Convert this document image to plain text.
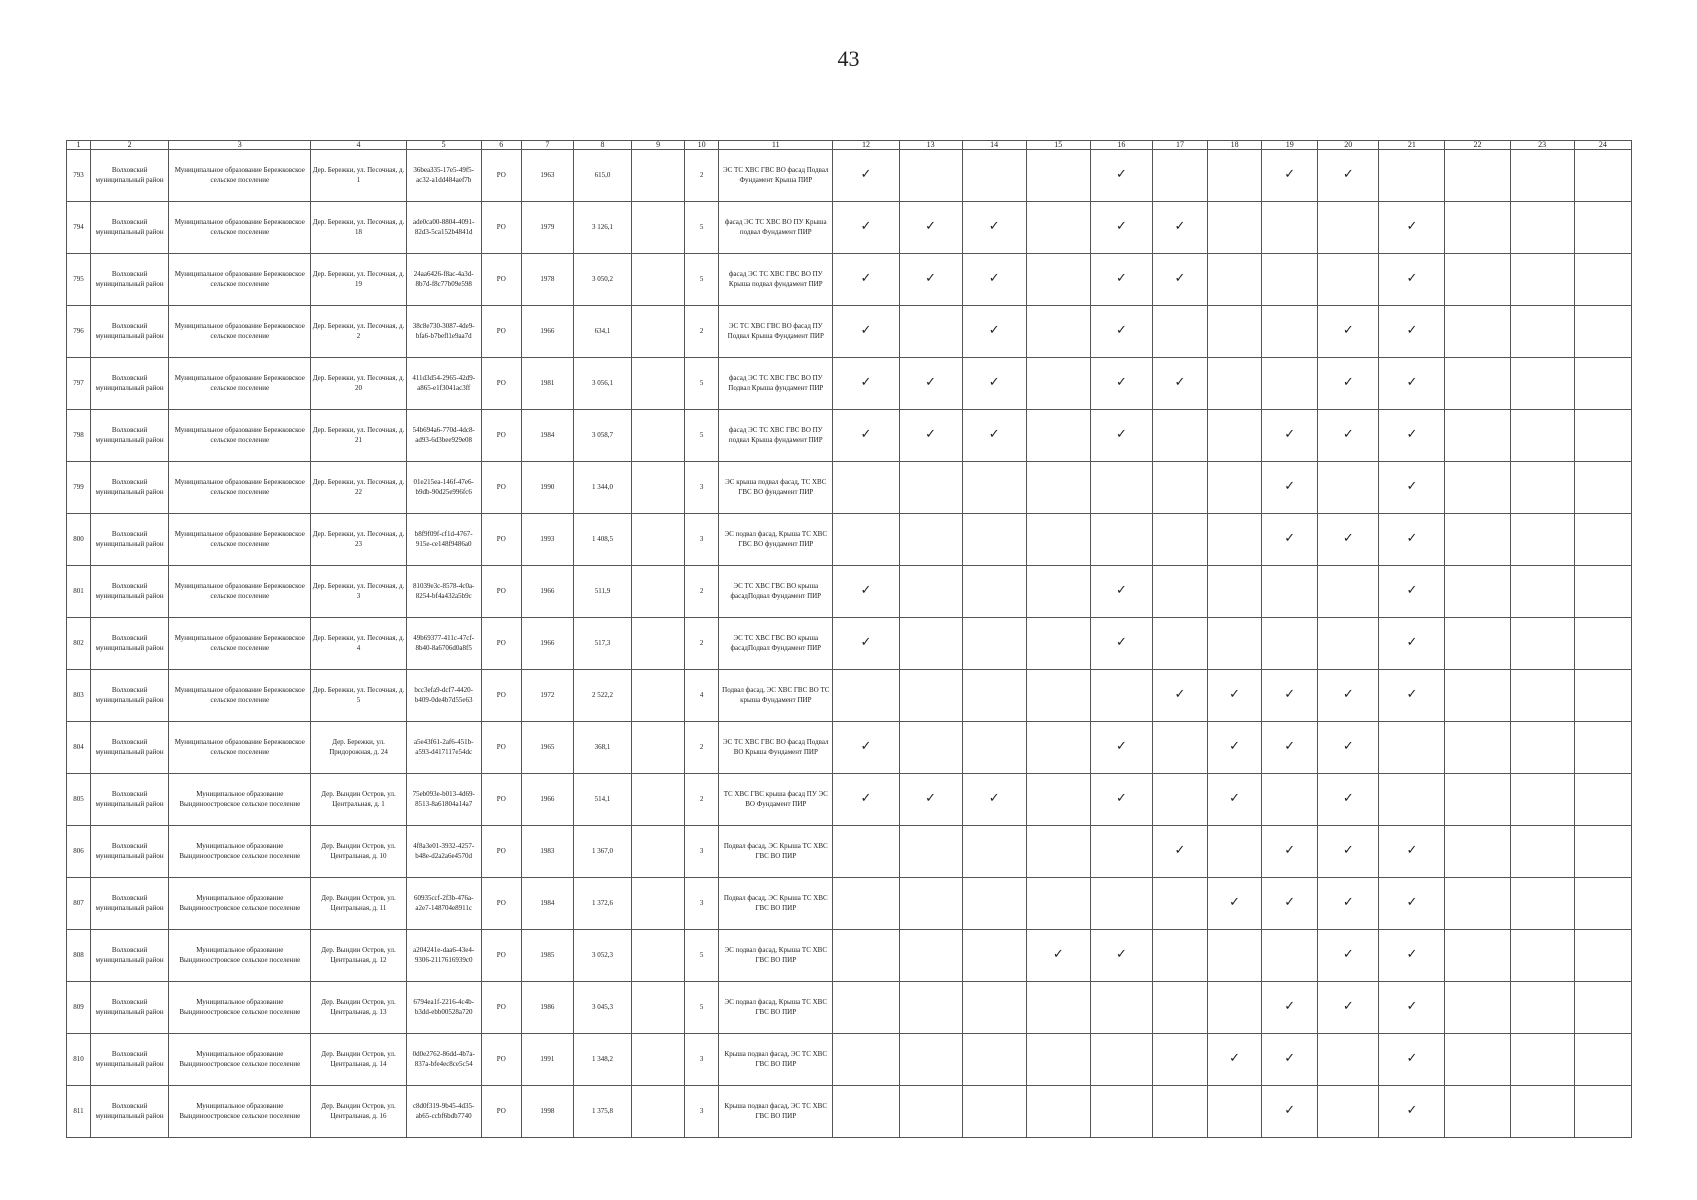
43
1	2	3	4	5	6	7	8	9	10	11	12	13	14	15	16	17	18	19	20	21	22	23	24
793	Волховский муниципальный район	Муниципальное образование Бережковское сельское поселение	Дер. Бережки, ул. Песочная, д. 1	36bea335-17e5-49f5-ac32-a1dd484aef7b	РО	1963	615,0		2	ЭС ТС ХВС ГВС ВО фасад Подвал Фундамент Крыша ПИР	✓				✓			✓	✓				
794	Волховский муниципальный район	Муниципальное образование Бережковское сельское поселение	Дер. Бережки, ул. Песочная, д. 18	ade0ca00-8804-4091-82d3-5ca152b4841d	РО	1979	3 126,1		5	фасад ЭС ТС ХВС ВО ПУ Крыша подвал Фундамент ПИР	✓	✓	✓		✓	✓				✓			
795	Волховский муниципальный район	Муниципальное образование Бережковское сельское поселение	Дер. Бережки, ул. Песочная, д. 19	24aa6426-f8ac-4a3d-8b7d-f8c77b09e598	РО	1978	3 050,2		5	фасад ЭС ТС ХВС ГВС ВО ПУ Крыша подвал фундамент ПИР	✓	✓	✓		✓	✓				✓			
796	Волховский муниципальный район	Муниципальное образование Бережковское сельское поселение	Дер. Бережки, ул. Песочная, д. 2	38c8e730-3087-4de9-bfa6-b7befl1e9aa7d	РО	1966	634,1		2	ЭС ТС ХВС ГВС ВО фасад ПУ Подвал Крыша Фундамент ПИР	✓		✓		✓				✓	✓			
797	Волховский муниципальный район	Муниципальное образование Бережковское сельское поселение	Дер. Бережки, ул. Песочная, д. 20	411d3d54-2965-42d9-a865-e1f3041ac3ff	РО	1981	3 056,1		5	фасад ЭС ТС ХВС ГВС ВО ПУ Подвал Крыша фундамент ПИР	✓	✓	✓		✓	✓			✓	✓			
798	Волховский муниципальный район	Муниципальное образование Бережковское сельское поселение	Дер. Бережки, ул. Песочная, д. 21	54b694a6-770d-4dc8-ad93-6d3bee929e08	РО	1984	3 058,7		5	фасад ЭС ТС ХВС ГВС ВО ПУ подвал Крыша фундамент ПИР	✓	✓	✓		✓			✓	✓	✓			
799	Волховский муниципальный район	Муниципальное образование Бережковское сельское поселение	Дер. Бережки, ул. Песочная, д. 22	01e215ea-146f-47e6-b9db-90d25e996fc6	РО	1990	1 344,0		3	ЭС крыша подвал фасад, ТС ХВС ГВС ВО фундамент ПИР								✓		✓			
800	Волховский муниципальный район	Муниципальное образование Бережковское сельское поселение	Дер. Бережки, ул. Песочная, д. 23	b8f9f09f-cf1d-4767-915e-ce148f9486a0	РО	1993	1 408,5		3	ЭС подвал фасад, Крыша ТС ХВС ГВС ВО фундамент ПИР								✓	✓	✓			
801	Волховский муниципальный район	Муниципальное образование Бережковское сельское поселение	Дер. Бережки, ул. Песочная, д. 3	81039e3c-8578-4c0a-8254-bf4a432a5b9c	РО	1966	511,9		2	ЭС ТС ХВС ГВС ВО крыша фасадПодвал Фундамент ПИР	✓				✓					✓			
802	Волховский муниципальный район	Муниципальное образование Бережковское сельское поселение	Дер. Бережки, ул. Песочная, д. 4	49b69377-411c-47cf-8b40-8a6706d0a8f5	РО	1966	517,3		2	ЭС ТС ХВС ГВС ВО крыша фасадПодвал Фундамент ПИР	✓				✓					✓			
803	Волховский муниципальный район	Муниципальное образование Бережковское сельское поселение	Дер. Бережки, ул. Песочная, д. 5	bcc3efa9-dcf7-4420-b409-0de4b7d55e63	РО	1972	2 522,2		4	Подвал фасад, ЭС ХВС ГВС ВО ТС крыша Фундамент ПИР						✓	✓	✓	✓	✓			
804	Волховский муниципальный район	Муниципальное образование Бережковское сельское поселение	Дер. Бережки, ул. Придорожная, д. 24	a5e43f61-2af6-451b-a593-d417117e54dc	РО	1965	368,1		2	ЭС ТС ХВС ГВС ВО фасад Подвал ВО Крыша Фундамент ПИР	✓				✓		✓	✓	✓				
805	Волховский муниципальный район	Муниципальное образование Вындиноостровское сельское поселение	Дер. Вындин Остров, ул. Центральная, д. 1	75eb093e-b013-4d69-8513-8a61804a14a7	РО	1966	514,1		2	ТС ХВС ГВС крыша фасад ПУ ЭС ВО Фундамент ПИР	✓	✓	✓		✓		✓		✓				
806	Волховский муниципальный район	Муниципальное образование Вындиноостровское сельское поселение	Дер. Вындин Остров, ул. Центральная, д. 10	4f8a3e01-3932-4257-b48e-d2a2a6e4570d	РО	1983	1 367,0		3	Подвал фасад, ЭС Крыша ТС ХВС ГВС ВО ПИР						✓		✓	✓	✓			
807	Волховский муниципальный район	Муниципальное образование Вындиноостровское сельское поселение	Дер. Вындин Остров, ул. Центральная, д. 11	60935ccf-2f3b-476a-a2e7-148704e8911c	РО	1984	1 372,6		3	Подвал фасад, ЭС Крыша ТС ХВС ГВС ВО ПИР							✓	✓	✓	✓			
808	Волховский муниципальный район	Муниципальное образование Вындиноостровское сельское поселение	Дер. Вындин Остров, ул. Центральная, д. 12	a204241e-daa6-43e4-9306-2117616939c0	РО	1985	3 052,3		5	ЭС подвал фасад, Крыша ТС ХВС ГВС ВО ПИР				✓	✓				✓	✓			
809	Волховский муниципальный район	Муниципальное образование Вындиноостровское сельское поселение	Дер. Вындин Остров, ул. Центральная, д. 13	6794ea1f-2216-4c4b-b3dd-ebb00528a720	РО	1986	3 045,3		5	ЭС подвал фасад, Крыша ТС ХВС ГВС ВО ПИР								✓	✓	✓			
810	Волховский муниципальный район	Муниципальное образование Вындиноостровское сельское поселение	Дер. Вындин Остров, ул. Центральная, д. 14	0d0e2762-86dd-4b7a-837a-bfe4ec8ce5c54	РО	1991	1 348,2		3	Крыша подвал фасад, ЭС ТС ХВС ГВС ВО ПИР							✓	✓		✓			
811	Волховский муниципальный район	Муниципальное образование Вындиноостровское сельское поселение	Дер. Вындин Остров, ул. Центральная, д. 16	c8d0f319-9b45-4d35-ab65-ccbf6bdb7740	РО	1998	1 375,8		3	Крыша подвал фасад, ЭС ТС ХВС ГВС ВО ПИР								✓		✓			
